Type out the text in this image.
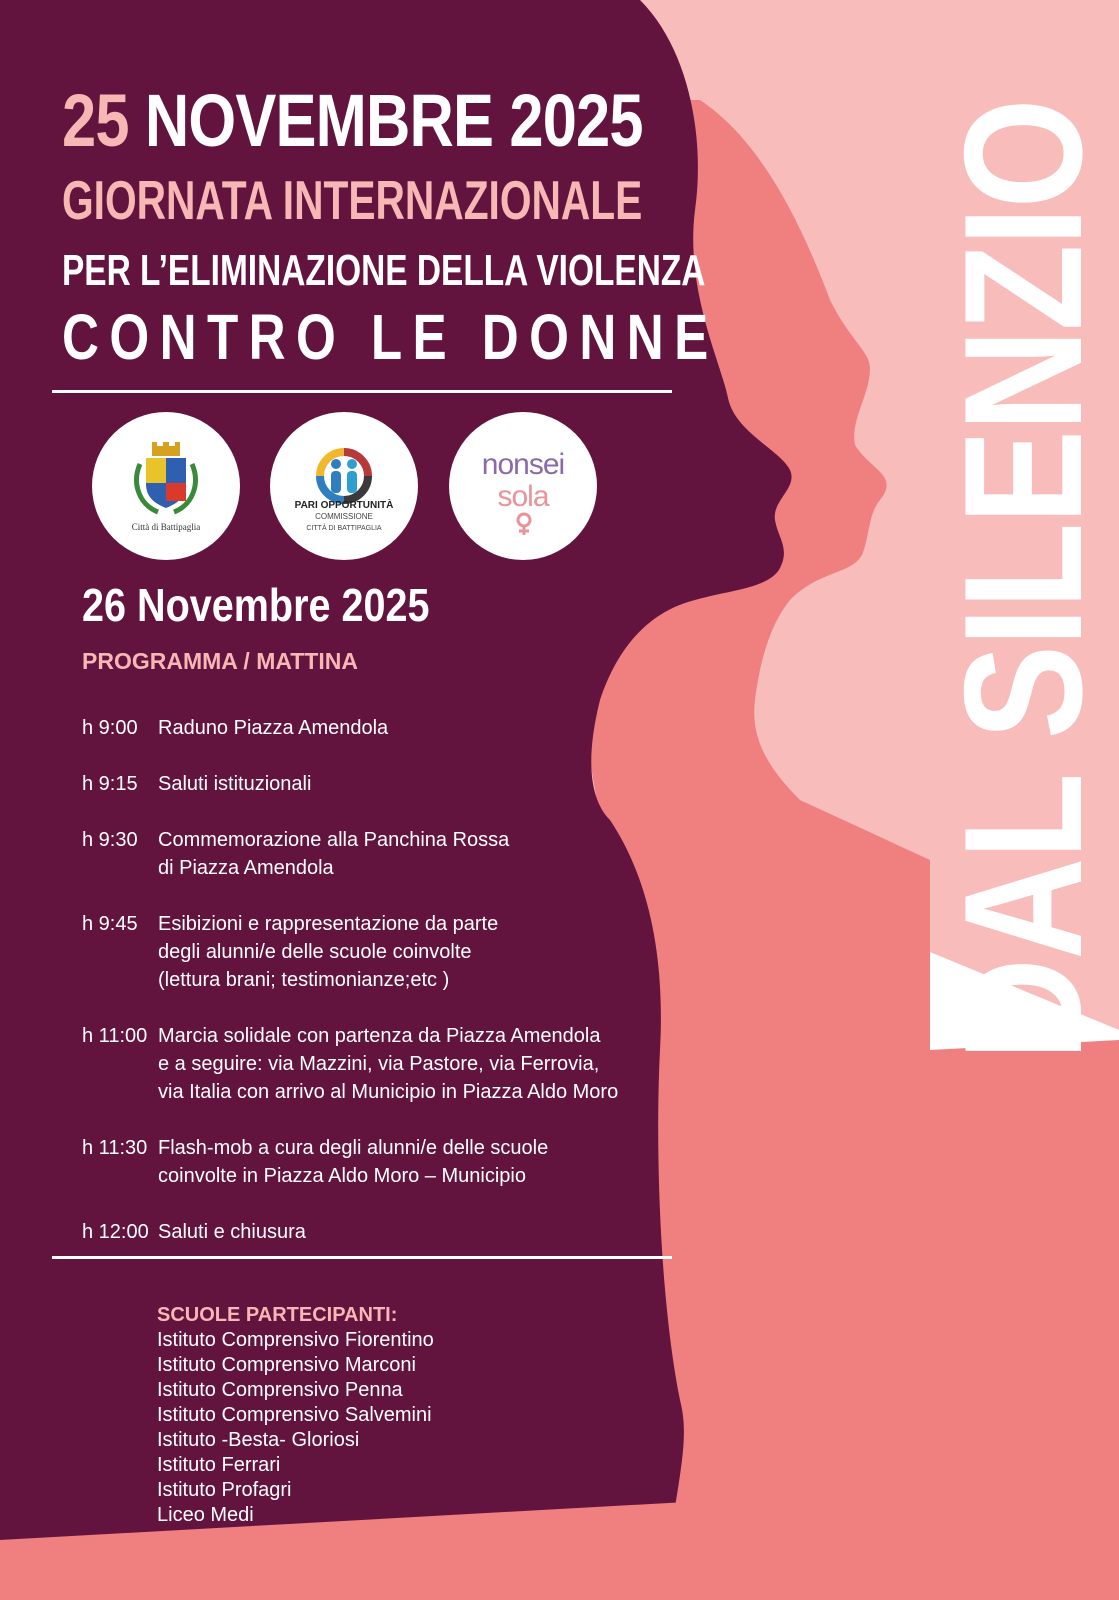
25 NOVEMBRE 2025
GIORNATA INTERNAZIONALE
PER L’ELIMINAZIONE DELLA VIOLENZA
CONTRO LE DONNE
Città di Battipaglia
PARI OPPORTUNITÀ
COMMISSIONE
CITTÀ DI BATTIPAGLIA
nonsei
sola
26 Novembre 2025
PROGRAMMA / MATTINA
h 9:00 Raduno Piazza Amendola
h 9:15 Saluti istituzionali
h 9:30 Commemorazione alla Panchina Rossa
di Piazza Amendola
h 9:45 Esibizioni e rappresentazione da parte
degli alunni/e delle scuole coinvolte
(lettura brani; testimonianze;etc )
h 11:00 Marcia solidale con partenza da Piazza Amendola
e a seguire: via Mazzini, via Pastore, via Ferrovia,
via Italia con arrivo al Municipio in Piazza Aldo Moro
h 11:30 Flash-mob a cura degli alunni/e delle scuole
coinvolte in Piazza Aldo Moro – Municipio
h 12:00 Saluti e chiusura
SCUOLE PARTECIPANTI:
Istituto Comprensivo Fiorentino
Istituto Comprensivo Marconi
Istituto Comprensivo Penna
Istituto Comprensivo Salvemini
Istituto -Besta- Gloriosi
Istituto Ferrari
Istituto Profagri
Liceo Medi	FUORI DAL SILENZIO
